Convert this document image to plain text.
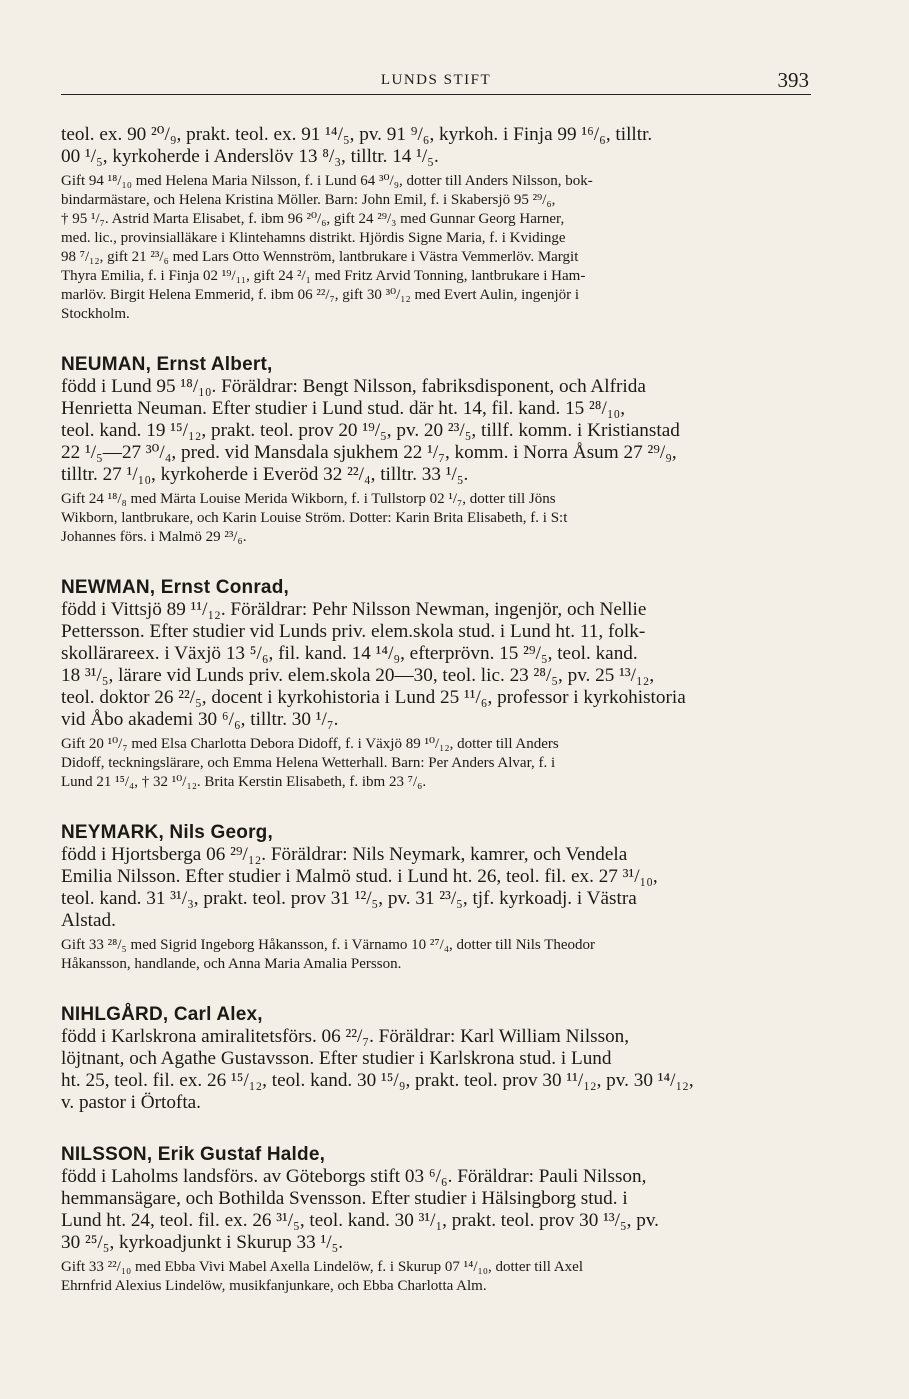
LUNDS STIFT	393
teol. ex. 90 ²⁰/₉, prakt. teol. ex. 91 ¹⁴/₅, pv. 91 ⁹/₆, kyrkoh. i Finja 99 ¹⁶/₆, tilltr.
00 ¹/₅, kyrkoherde i Anderslöv 13 ⁸/₃, tilltr. 14 ¹/₅.
Gift 94 ¹⁸/₁₀ med Helena Maria Nilsson, f. i Lund 64 ³⁰/₉, dotter till Anders Nilsson, bok-
bindarmästare, och Helena Kristina Möller. Barn: John Emil, f. i Skabersjö 95 ²⁹/₆,
† 95 ¹/₇. Astrid Marta Elisabet, f. ibm 96 ²⁰/₆, gift 24 ²⁹/₃ med Gunnar Georg Harner,
med. lic., provinsialläkare i Klintehamns distrikt. Hjördis Signe Maria, f. i Kvidinge
98 ⁷/₁₂, gift 21 ²³/₆ med Lars Otto Wennström, lantbrukare i Västra Vemmerlöv. Margit
Thyra Emilia, f. i Finja 02 ¹⁹/₁₁, gift 24 ²/₁ med Fritz Arvid Tonning, lantbrukare i Ham-
marlöv. Birgit Helena Emmerid, f. ibm 06 ²²/₇, gift 30 ³⁰/₁₂ med Evert Aulin, ingenjör i
Stockholm.
NEUMAN, Ernst Albert,
född i Lund 95 ¹⁸/₁₀. Föräldrar: Bengt Nilsson, fabriksdisponent, och Alfrida
Henrietta Neuman. Efter studier i Lund stud. där ht. 14, fil. kand. 15 ²⁸/₁₀,
teol. kand. 19 ¹⁵/₁₂, prakt. teol. prov 20 ¹⁹/₅, pv. 20 ²³/₅, tillf. komm. i Kristianstad
22 ¹/₅—27 ³⁰/₄, pred. vid Mansdala sjukhem 22 ¹/₇, komm. i Norra Åsum 27 ²⁹/₉,
tilltr. 27 ¹/₁₀, kyrkoherde i Everöd 32 ²²/₄, tilltr. 33 ¹/₅.
Gift 24 ¹⁸/₈ med Märta Louise Merida Wikborn, f. i Tullstorp 02 ¹/₇, dotter till Jöns
Wikborn, lantbrukare, och Karin Louise Ström. Dotter: Karin Brita Elisabeth, f. i S:t
Johannes förs. i Malmö 29 ²³/₆.
NEWMAN, Ernst Conrad,
född i Vittsjö 89 ¹¹/₁₂. Föräldrar: Pehr Nilsson Newman, ingenjör, och Nellie
Pettersson. Efter studier vid Lunds priv. elem.skola stud. i Lund ht. 11, folk-
skollärareex. i Växjö 13 ⁵/₆, fil. kand. 14 ¹⁴/₉, efterprövn. 15 ²⁹/₅, teol. kand.
18 ³¹/₅, lärare vid Lunds priv. elem.skola 20—30, teol. lic. 23 ²⁸/₅, pv. 25 ¹³/₁₂,
teol. doktor 26 ²²/₅, docent i kyrkohistoria i Lund 25 ¹¹/₆, professor i kyrkohistoria
vid Åbo akademi 30 ⁶/₆, tilltr. 30 ¹/₇.
Gift 20 ¹⁰/₇ med Elsa Charlotta Debora Didoff, f. i Växjö 89 ¹⁰/₁₂, dotter till Anders
Didoff, teckningslärare, och Emma Helena Wetterhall. Barn: Per Anders Alvar, f. i
Lund 21 ¹⁵/₄, † 32 ¹⁰/₁₂. Brita Kerstin Elisabeth, f. ibm 23 ⁷/₆.
NEYMARK, Nils Georg,
född i Hjortsberga 06 ²⁹/₁₂. Föräldrar: Nils Neymark, kamrer, och Vendela
Emilia Nilsson. Efter studier i Malmö stud. i Lund ht. 26, teol. fil. ex. 27 ³¹/₁₀,
teol. kand. 31 ³¹/₃, prakt. teol. prov 31 ¹²/₅, pv. 31 ²³/₅, tjf. kyrkoadj. i Västra
Alstad.
Gift 33 ²⁸/₅ med Sigrid Ingeborg Håkansson, f. i Värnamo 10 ²⁷/₄, dotter till Nils Theodor
Håkansson, handlande, och Anna Maria Amalia Persson.
NIHLGÅRD, Carl Alex,
född i Karlskrona amiralitetsförs. 06 ²²/₇. Föräldrar: Karl William Nilsson,
löjtnant, och Agathe Gustavsson. Efter studier i Karlskrona stud. i Lund
ht. 25, teol. fil. ex. 26 ¹⁵/₁₂, teol. kand. 30 ¹⁵/₉, prakt. teol. prov 30 ¹¹/₁₂, pv. 30 ¹⁴/₁₂,
v. pastor i Örtofta.
NILSSON, Erik Gustaf Halde,
född i Laholms landsförs. av Göteborgs stift 03 ⁶/₆. Föräldrar: Pauli Nilsson,
hemmansägare, och Bothilda Svensson. Efter studier i Hälsingborg stud. i
Lund ht. 24, teol. fil. ex. 26 ³¹/₅, teol. kand. 30 ³¹/₁, prakt. teol. prov 30 ¹³/₅, pv.
30 ²⁵/₅, kyrkoadjunkt i Skurup 33 ¹/₅.
Gift 33 ²²/₁₀ med Ebba Vivi Mabel Axella Lindelöw, f. i Skurup 07 ¹⁴/₁₀, dotter till Axel
Ehrnfrid Alexius Lindelöw, musikfanjunkare, och Ebba Charlotta Alm.
